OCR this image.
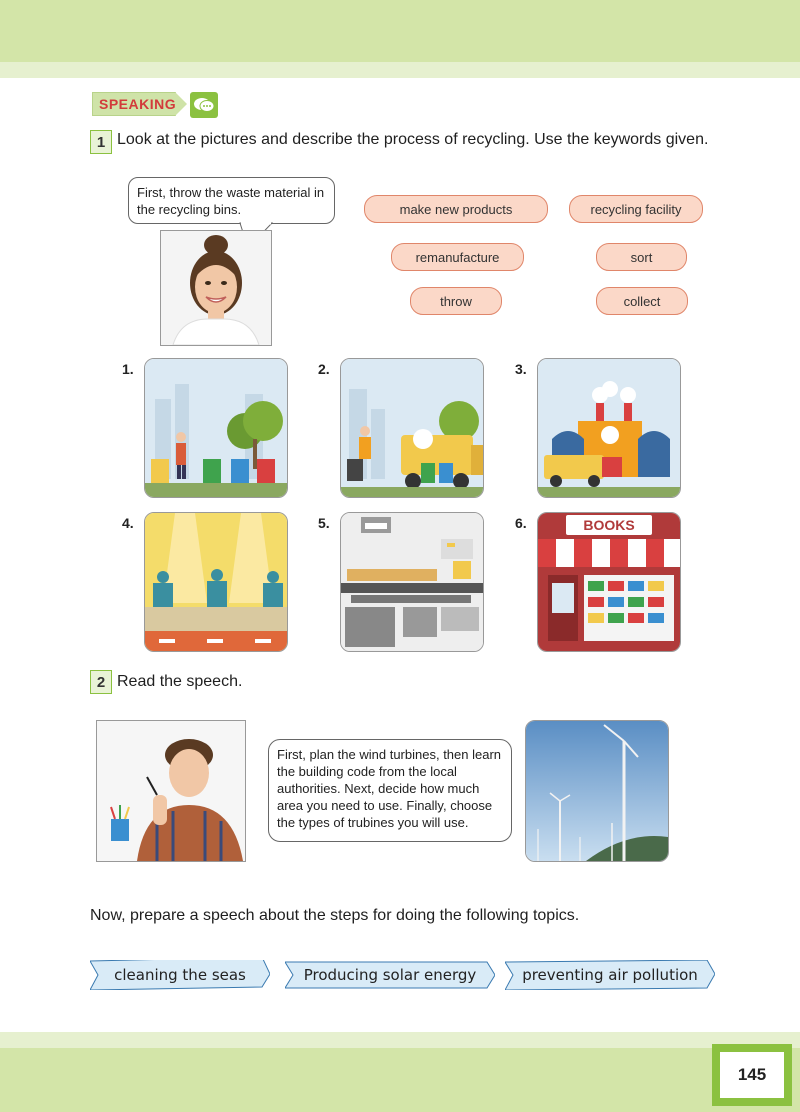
SPEAKING
1 Look at the pictures and describe the process of recycling. Use the keywords given.
First, throw the waste material in the recycling bins.	make new products	recycling facility
remanufacture	sort
throw	collect
1.	2.	3.
4.	5.	6.	BOOKS
2 Read the speech.
First, plan the wind turbines, then learn the building code from the local authorities. Next, decide how much area you need to use. Finally, choose the types of trubines you will use.
Now, prepare a speech about the steps for doing the following topics.
cleaning the seas	Producing solar energy	preventing air pollution
145
